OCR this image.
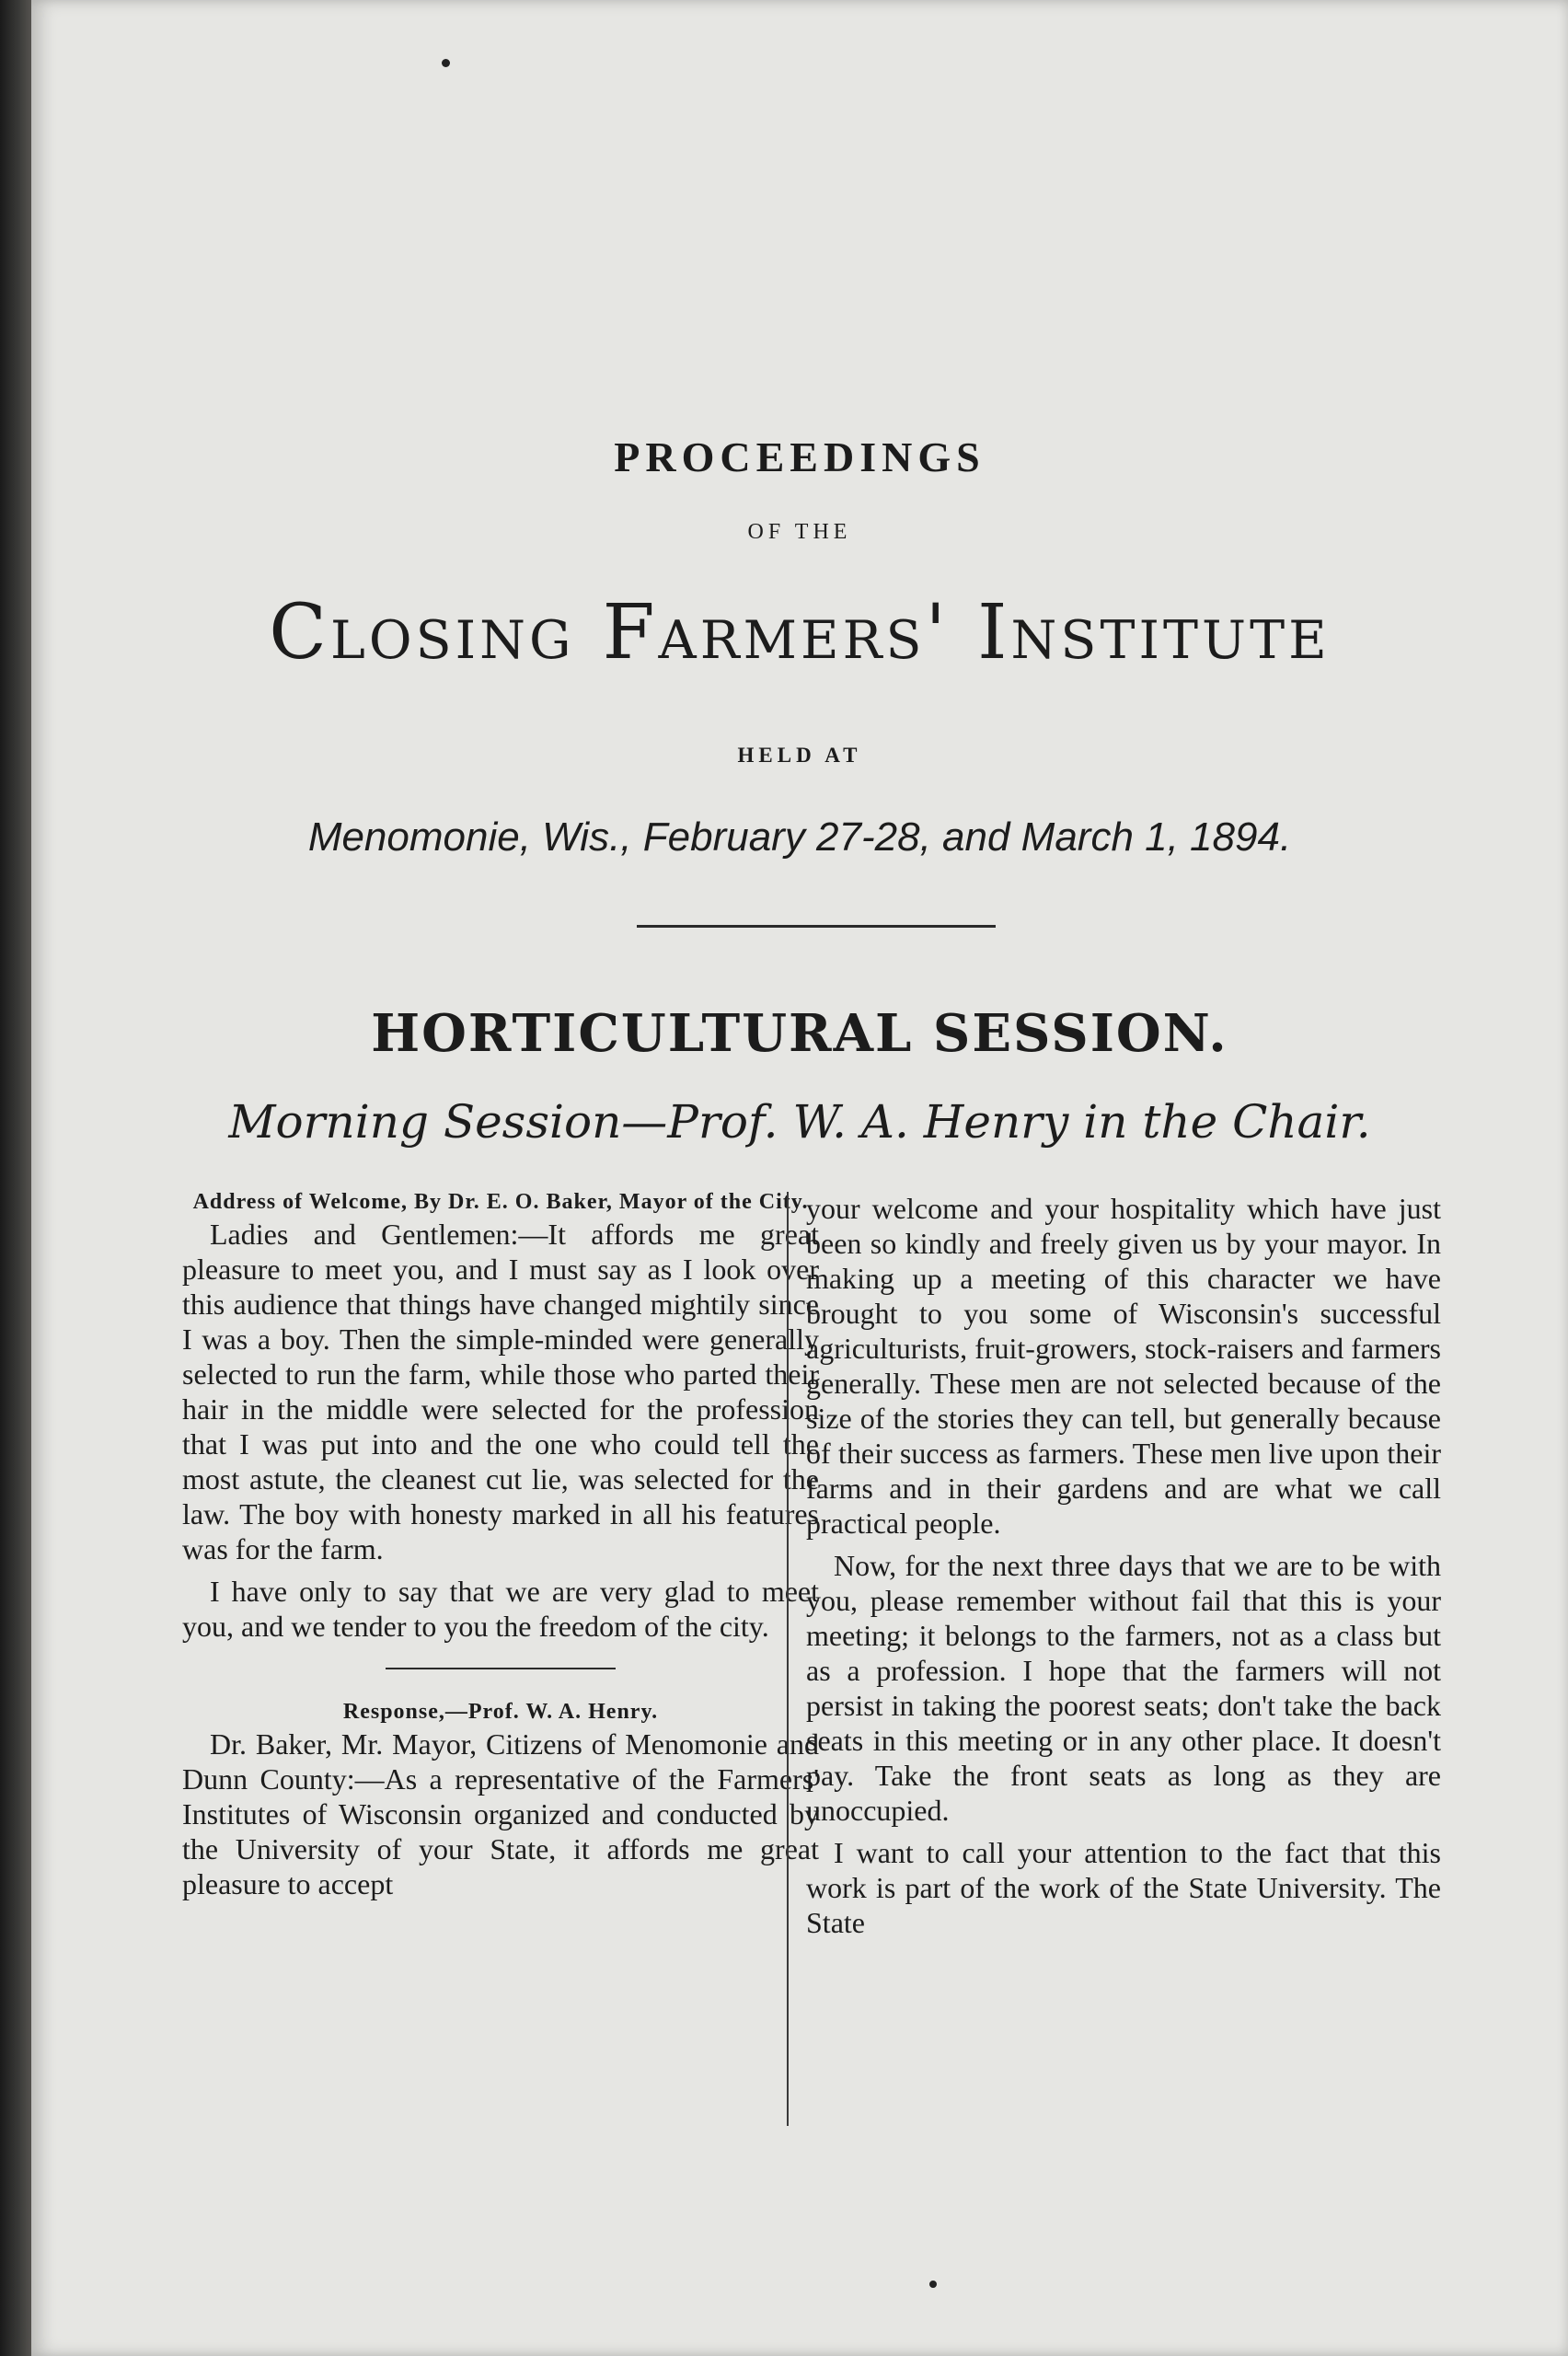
PROCEEDINGS
OF THE
Closing Farmers' Institute
HELD AT
Menomonie, Wis., February 27-28, and March 1, 1894.
HORTICULTURAL SESSION.
Morning Session—Prof. W. A. Henry in the Chair.

Address of Welcome, By Dr. E. O. Baker, Mayor of the City.

Ladies and Gentlemen:—It affords me great pleasure to meet you, and I must say as I look over this audience that things have changed mightily since I was a boy. Then the simple-minded were generally selected to run the farm, while those who parted their hair in the middle were selected for the profession that I was put into and the one who could tell the most astute, the cleanest cut lie, was selected for the law. The boy with honesty marked in all his features was for the farm.

I have only to say that we are very glad to meet you, and we tender to you the freedom of the city.

Response,—Prof. W. A. Henry.

Dr. Baker, Mr. Mayor, Citizens of Menomonie and Dunn County:—As a representative of the Farmers' Institutes of Wisconsin organized and conducted by the University of your State, it affords me great pleasure to accept

your welcome and your hospitality which have just been so kindly and freely given us by your mayor. In making up a meeting of this character we have brought to you some of Wisconsin's successful agriculturists, fruit-growers, stock-raisers and farmers generally. These men are not selected because of the size of the stories they can tell, but generally because of their success as farmers. These men live upon their farms and in their gardens and are what we call practical people.

Now, for the next three days that we are to be with you, please remember without fail that this is your meeting; it belongs to the farmers, not as a class but as a profession. I hope that the farmers will not persist in taking the poorest seats; don't take the back seats in this meeting or in any other place. It doesn't pay. Take the front seats as long as they are unoccupied.

I want to call your attention to the fact that this work is part of the work of the State University. The State
